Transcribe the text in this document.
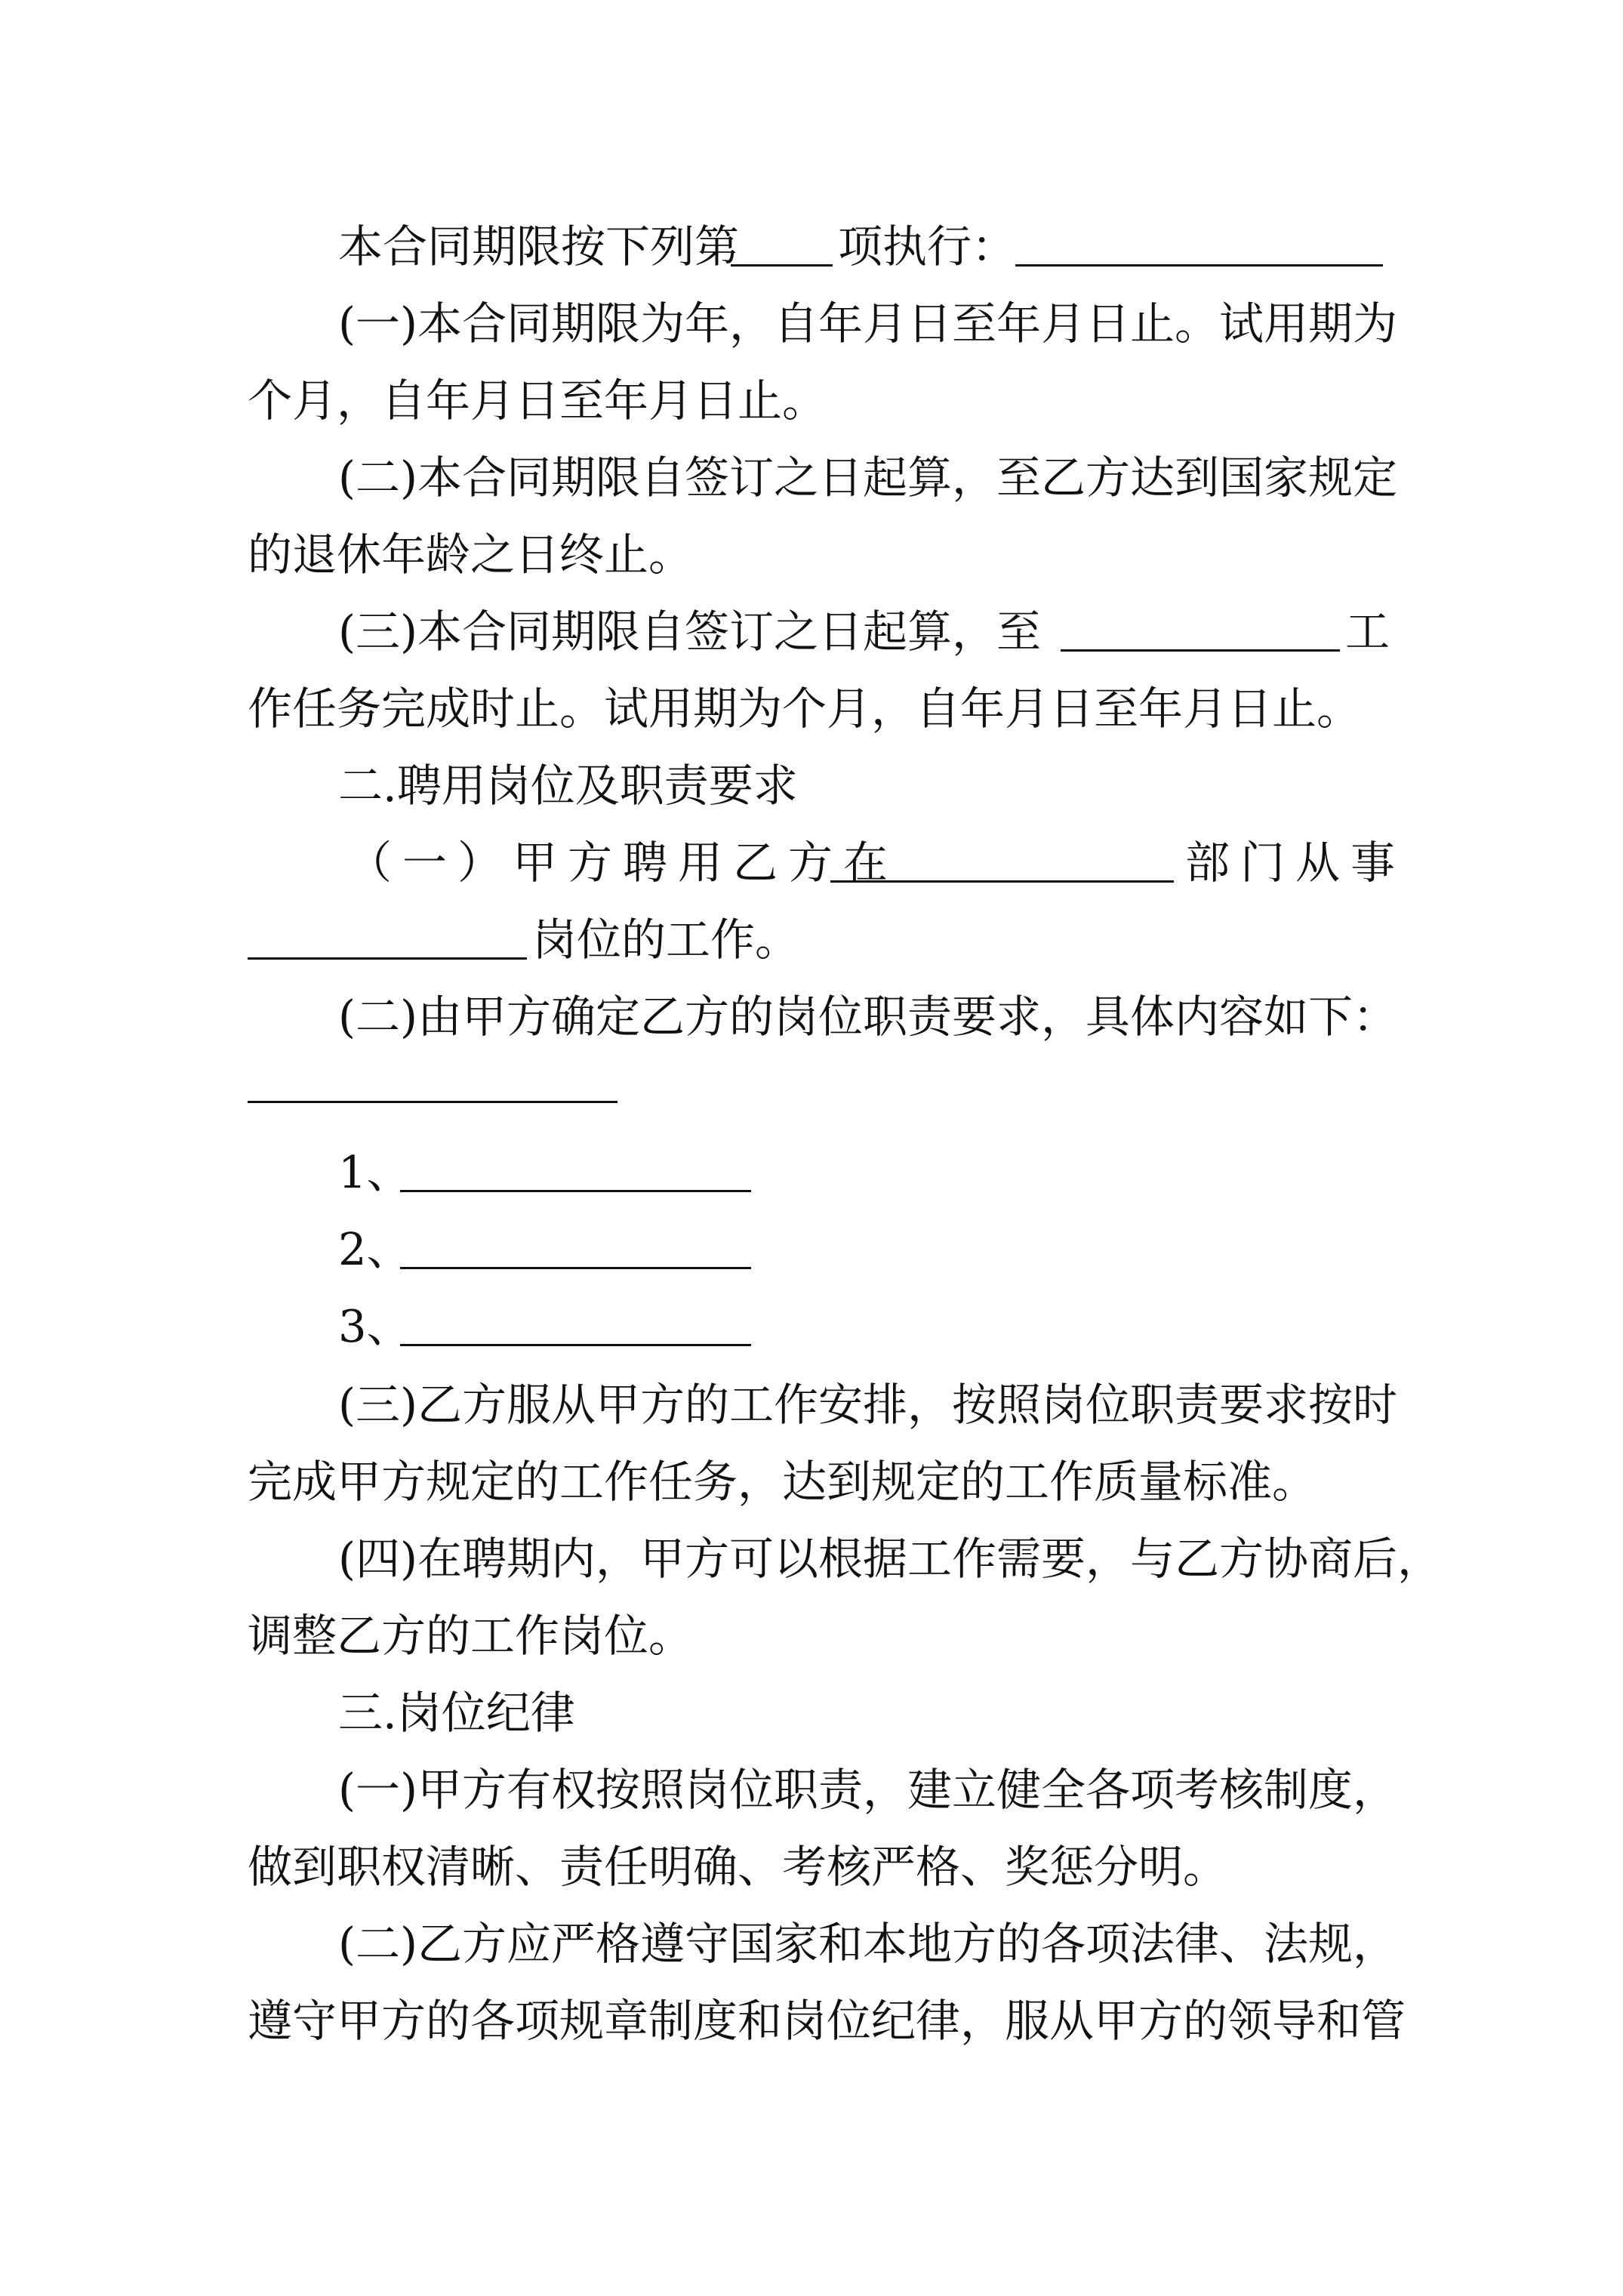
本合同期限按下列第 项执行：
(一)本合同期限为年，自年月日至年月日止。试用期为
个月，自年月日至年月日止。
(二)本合同期限自签订之日起算，至乙方达到国家规定
的退休年龄之日终止。
(三)本合同期限自签订之日起算，至	工
作任务完成时止。试用期为个月，自年月日至年月日止。
二.聘用岗位及职责要求
（一）甲方聘用乙方在	部门从事
岗位的工作。
(二)由甲方确定乙方的岗位职责要求，具体内容如下：
1、
2、
3、
(三)乙方服从甲方的工作安排，按照岗位职责要求按时
完成甲方规定的工作任务，达到规定的工作质量标准。
(四)在聘期内，甲方可以根据工作需要，与乙方协商后，
调整乙方的工作岗位。
三.岗位纪律
(一)甲方有权按照岗位职责，建立健全各项考核制度，
做到职权清晰、责任明确、考核严格、奖惩分明。
(二)乙方应严格遵守国家和本地方的各项法律、法规，
遵守甲方的各项规章制度和岗位纪律，服从甲方的领导和管
